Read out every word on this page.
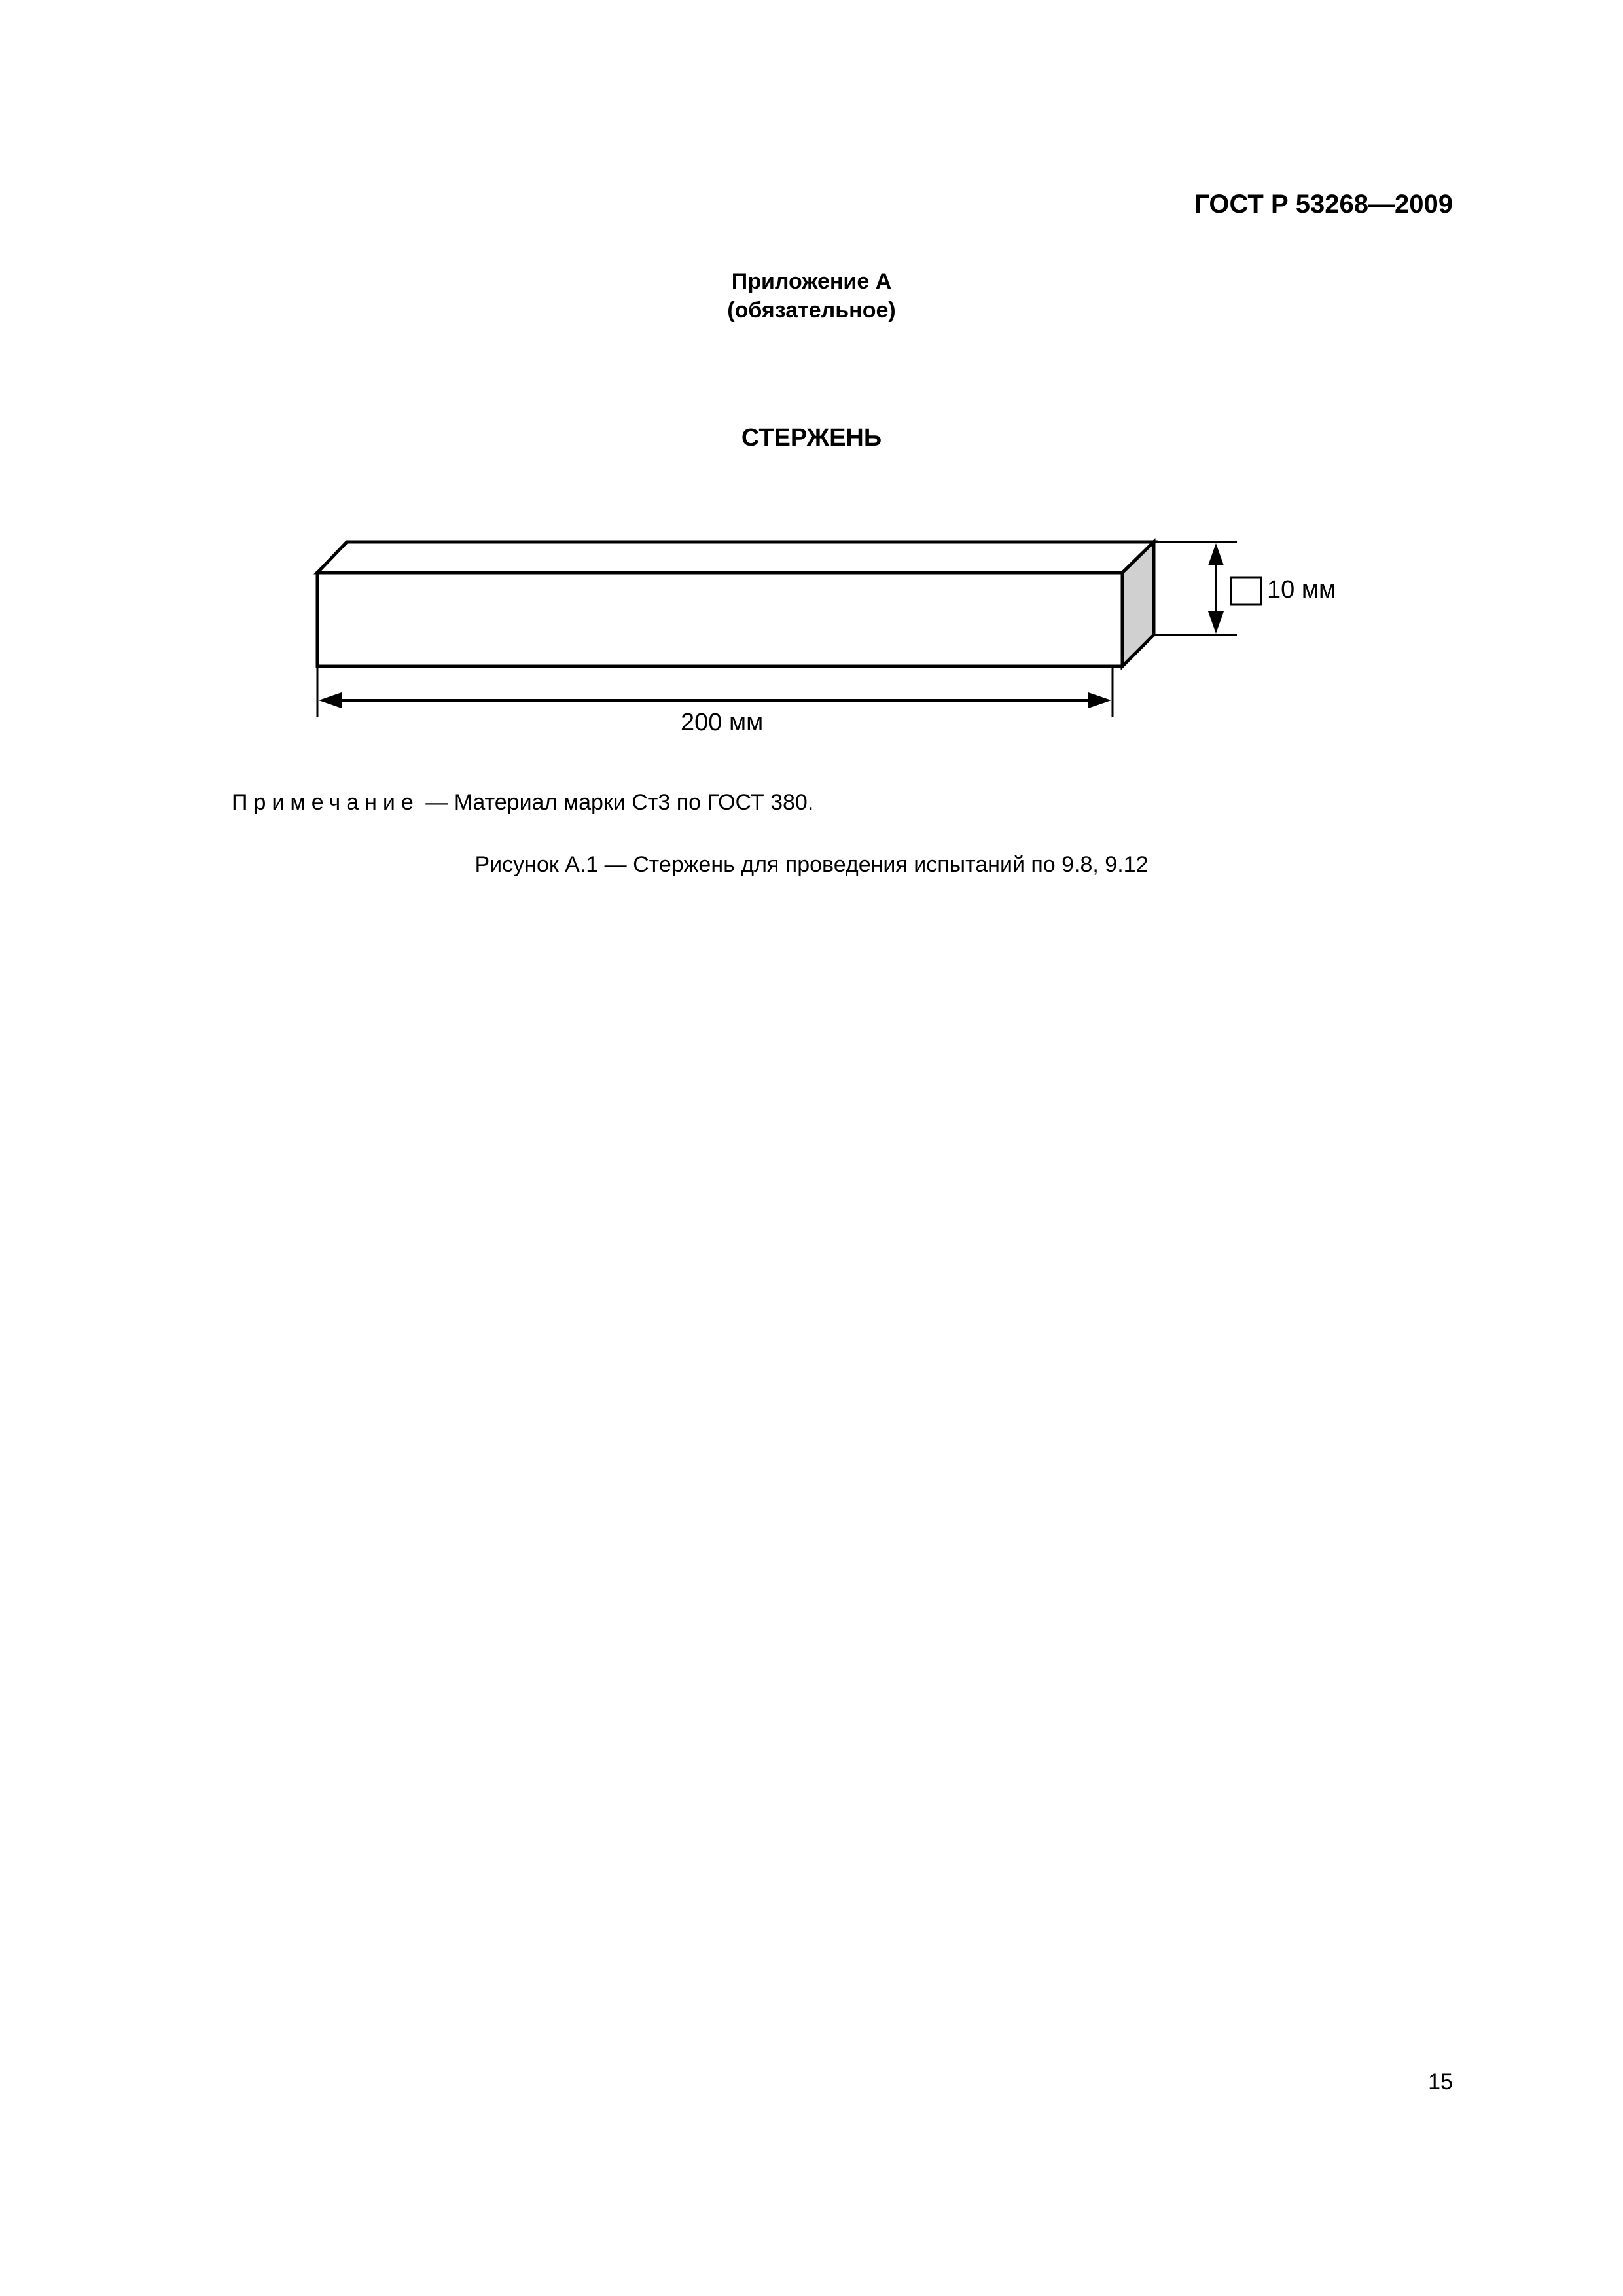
ГОСТ Р 53268—2009
Приложение А
(обязательное)
СТЕРЖЕНЬ
10 мм
200 мм
Примечание — Материал марки Ст3 по ГОСТ 380.
Рисунок А.1 — Стержень для проведения испытаний по 9.8, 9.12
15
